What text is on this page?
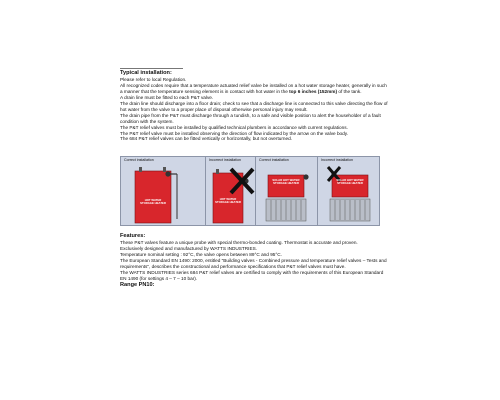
Typical installation:
Please refer to local Regulation.
All recognized codes require that a temperature actuated relief valve be installed on a hot water storage heater, generally in such a manner that the temperature sensing element is in contact with hot water in the top 6 inches (152mm) of the tank.
A drain line must be fitted to each P&T valve.
The drain line should discharge into a floor drain; check to see that a discharge line is connected to this valve directing the flow of hot water from the valve to a proper place of disposal otherwise personal injury may result.
The drain pipe from the P&T must discharge through a tundish, to a safe and visible position to alert the householder of a fault condition with the system.
The P&T relief valves must be installed by qualified technical plumbers in accordance with current regulations.
The P&T relief valve must be installed observing the direction of flow indicated by the arrow on the valve body.
The 684 P&T relief valves can be fitted vertically or horizontally, but not overturned.
Correct installation
HOT WATER STORAGE HEATER
Incorrect installation
HOT WATER STORAGE HEATER
Correct installation
SOLAR HOT WATER STORAGE HEATER
Incorrect installation
SOLAR HOT WATER STORAGE HEATER
Features:
These P&T valves feature a unique probe with special thermo-bonded coating. Thermostat is accurate and proven.
Exclusively designed and manufactured by WATTS INDUSTRIES.
Temperature nominal setting : 92°C, the valve opens between 89°C and 95°C.
The European Standard EN 1490: 2000, entitled "Building valves - Combined pressure and temperature relief valves – Tests and requirements", describes the constructional and performance specifications that P&T relief valves must have.
The WATTS INDUSTRIES series 684 P&T relief valves are certified to comply with the requirements of this European Standard EN 1490 (for settings 4 – 7 – 10 bar).
Range PN10:
